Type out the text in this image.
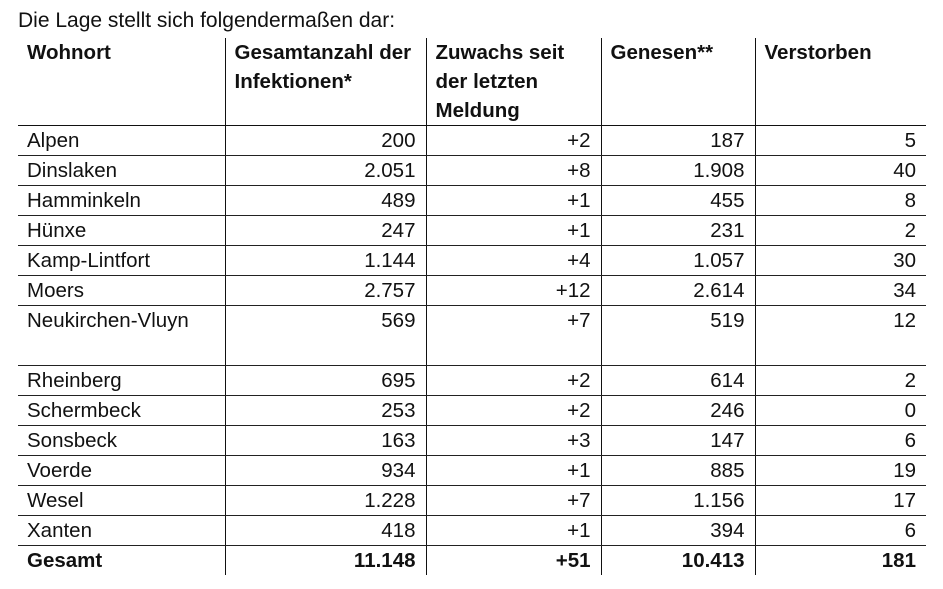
Die Lage stellt sich folgendermaßen dar:
Wohnort	Gesamtanzahl der Infektionen*	Zuwachs seit der letzten Meldung	Genesen**	Verstorben
Alpen	200	+2	187	5
Dinslaken	2.051	+8	1.908	40
Hamminkeln	489	+1	455	8
Hünxe	247	+1	231	2
Kamp-Lintfort	1.144	+4	1.057	30
Moers	2.757	+12	2.614	34
Neukirchen-Vluyn	569	+7	519	12
Rheinberg	695	+2	614	2
Schermbeck	253	+2	246	0
Sonsbeck	163	+3	147	6
Voerde	934	+1	885	19
Wesel	1.228	+7	1.156	17
Xanten	418	+1	394	6
Gesamt	11.148	+51	10.413	181
